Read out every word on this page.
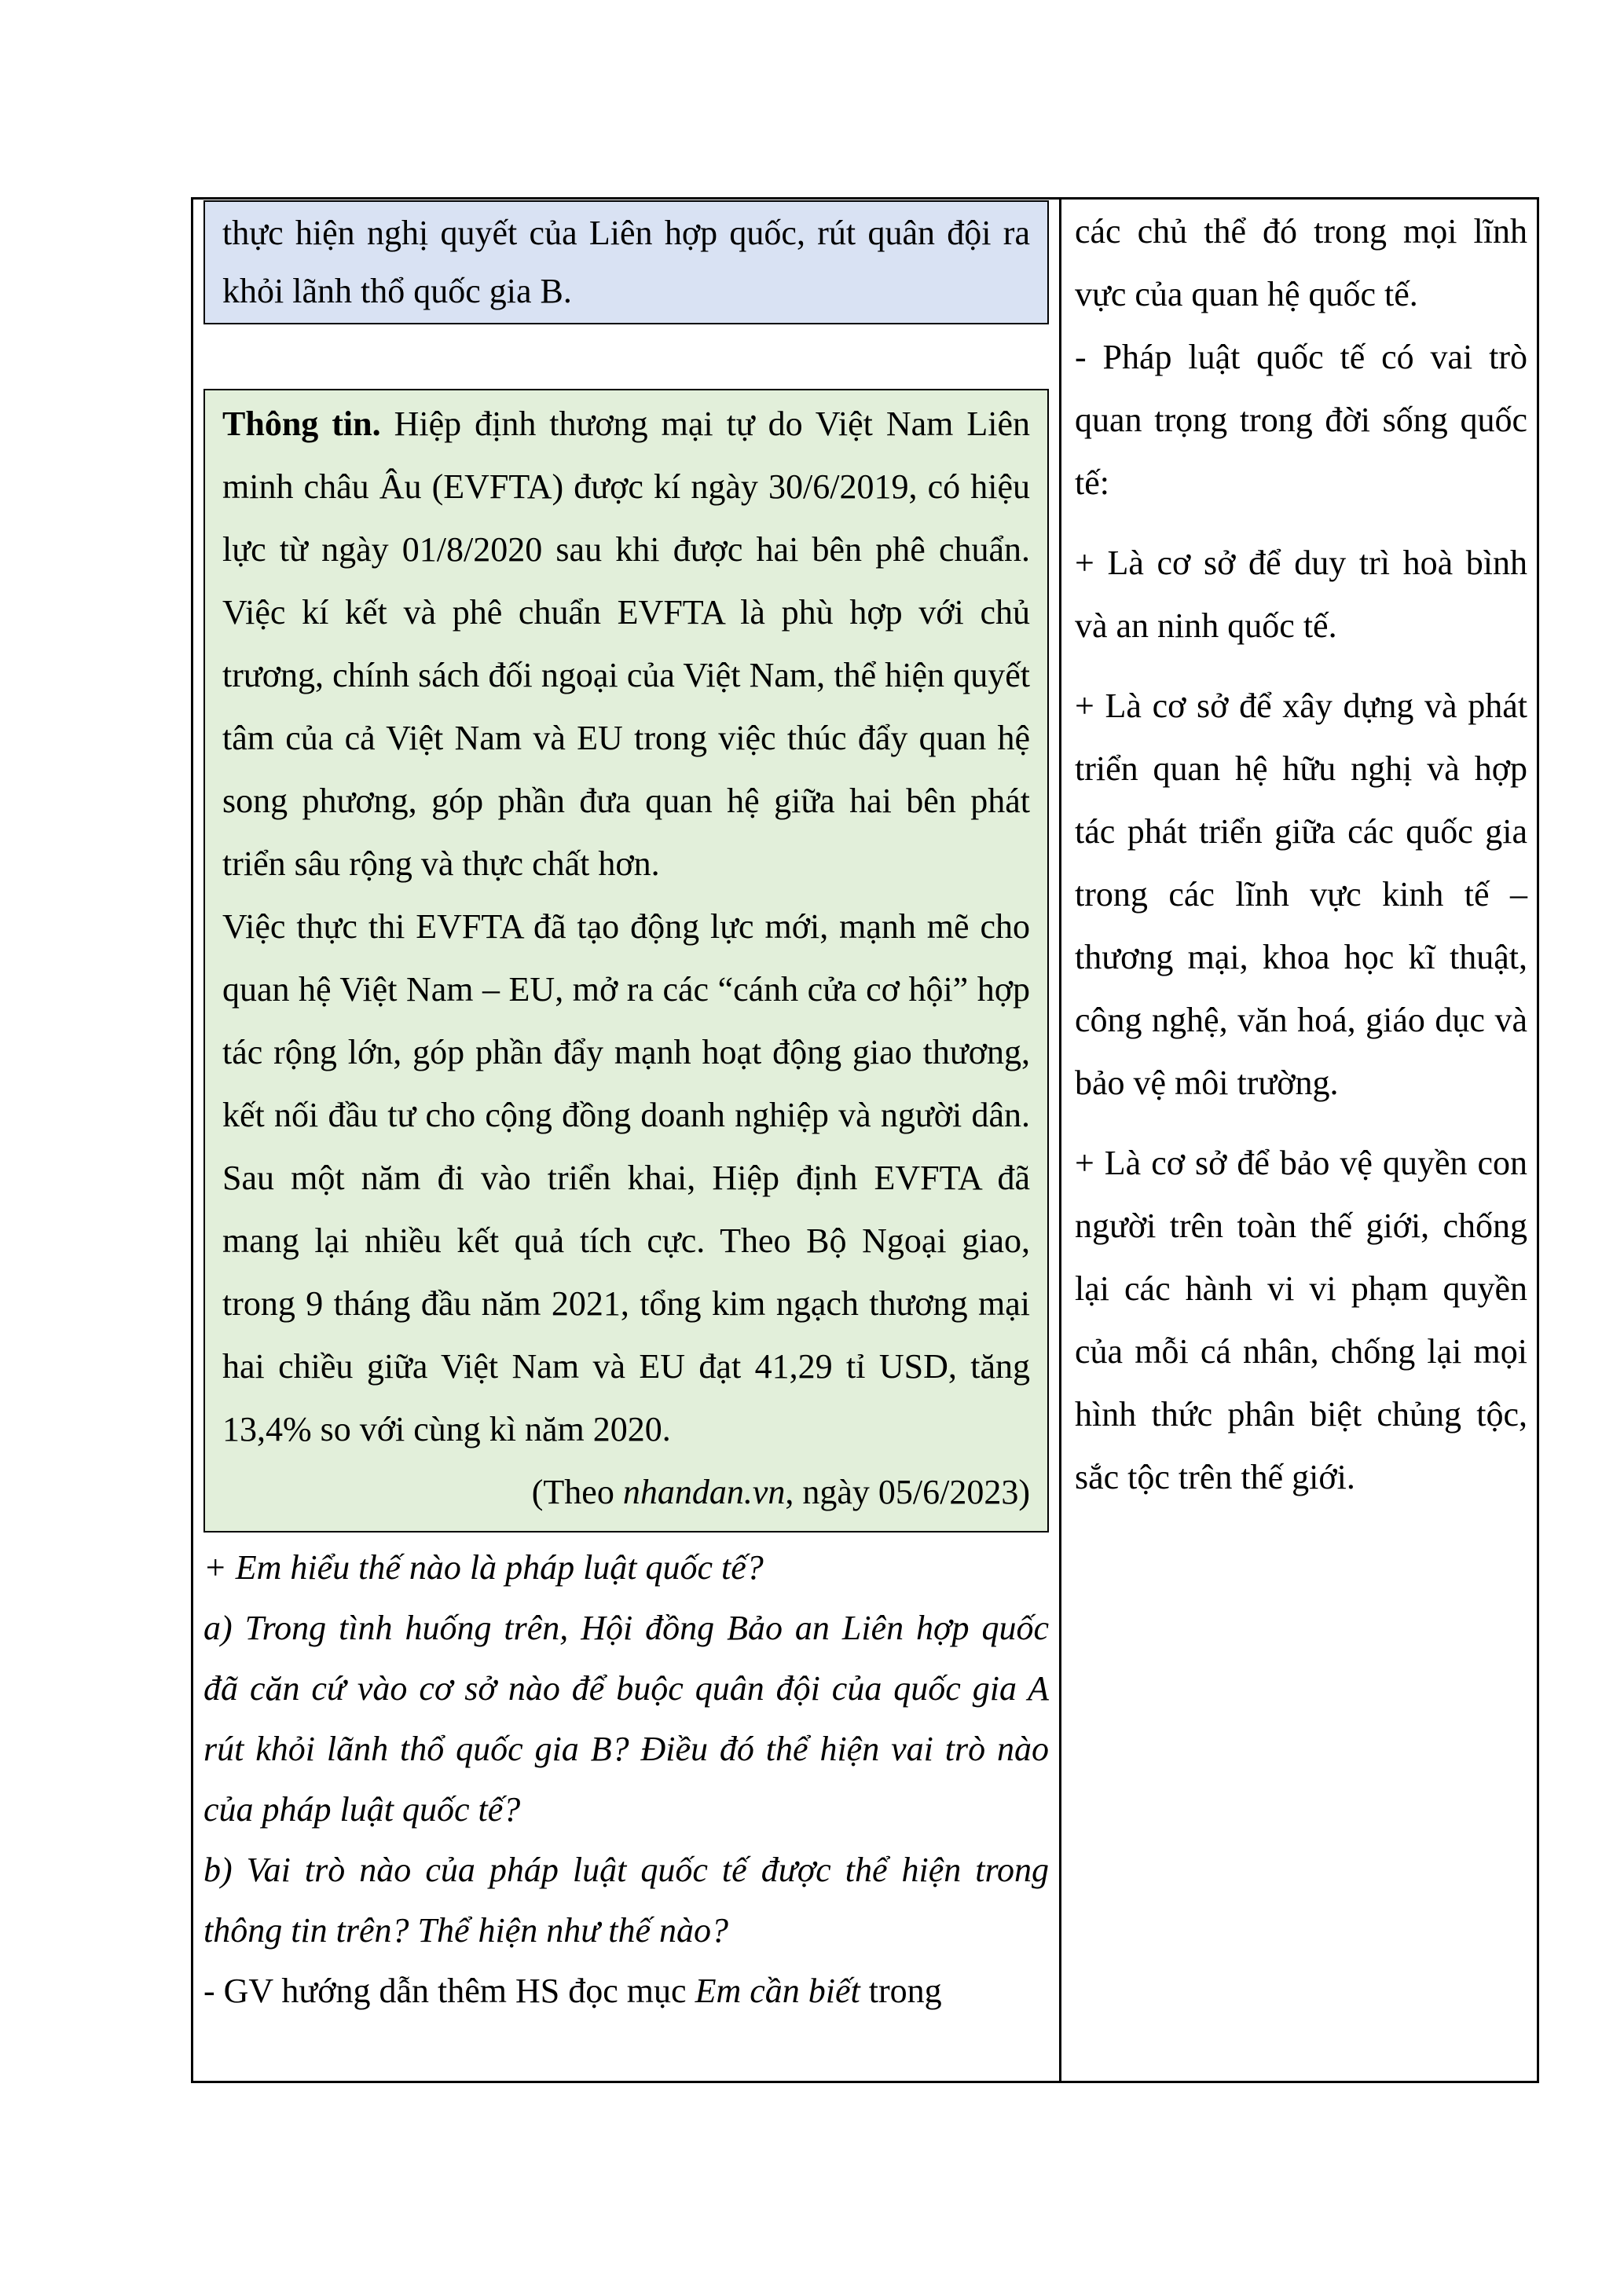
thực hiện nghị quyết của Liên hợp quốc, rút quân đội ra khỏi lãnh thổ quốc gia B.

Thông tin. Hiệp định thương mại tự do Việt Nam Liên minh châu Âu (EVFTA) được kí ngày 30/6/2019, có hiệu lực từ ngày 01/8/2020 sau khi được hai bên phê chuẩn. Việc kí kết và phê chuẩn EVFTA là phù hợp với chủ trương, chính sách đối ngoại của Việt Nam, thể hiện quyết tâm của cả Việt Nam và EU trong việc thúc đẩy quan hệ song phương, góp phần đưa quan hệ giữa hai bên phát triển sâu rộng và thực chất hơn.

Việc thực thi EVFTA đã tạo động lực mới, mạnh mẽ cho quan hệ Việt Nam – EU, mở ra các “cánh cửa cơ hội” hợp tác rộng lớn, góp phần đẩy mạnh hoạt động giao thương, kết nối đầu tư cho cộng đồng doanh nghiệp và người dân. Sau một năm đi vào triển khai, Hiệp định EVFTA đã mang lại nhiều kết quả tích cực. Theo Bộ Ngoại giao, trong 9 tháng đầu năm 2021, tổng kim ngạch thương mại hai chiều giữa Việt Nam và EU đạt 41,29 tỉ USD, tăng 13,4% so với cùng kì năm 2020.

(Theo nhandan.vn, ngày 05/6/2023)

+ Em hiểu thế nào là pháp luật quốc tế?

a) Trong tình huống trên, Hội đồng Bảo an Liên hợp quốc đã căn cứ vào cơ sở nào để buộc quân đội của quốc gia A rút khỏi lãnh thổ quốc gia B? Điều đó thể hiện vai trò nào của pháp luật quốc tế?

b) Vai trò nào của pháp luật quốc tế được thể hiện trong thông tin trên? Thể hiện như thế nào?

- GV hướng dẫn thêm HS đọc mục Em cần biết trong

các chủ thể đó trong mọi lĩnh vực của quan hệ quốc tế.

- Pháp luật quốc tế có vai trò quan trọng trong đời sống quốc tế:

+ Là cơ sở để duy trì hoà bình và an ninh quốc tế.

+ Là cơ sở để xây dựng và phát triển quan hệ hữu nghị và hợp tác phát triển giữa các quốc gia trong các lĩnh vực kinh tế – thương mại, khoa học kĩ thuật, công nghệ, văn hoá, giáo dục và bảo vệ môi trường.

+ Là cơ sở để bảo vệ quyền con người trên toàn thế giới, chống lại các hành vi vi phạm quyền của mỗi cá nhân, chống lại mọi hình thức phân biệt chủng tộc, sắc tộc trên thế giới.
